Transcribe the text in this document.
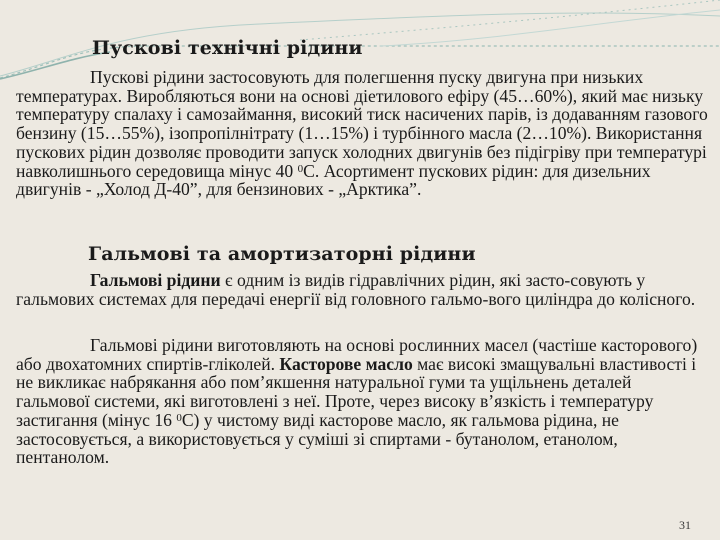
Пускові технічні рідини

Пускові рідини застосовують для полегшення пуску двигуна при низьких температурах. Виробляються вони на основі діетилового ефіру (45…60%), який має низьку температуру спалаху і самозаймання, високий тиск насичених парів, із додаванням газового бензину (15…55%), ізопропілнітрату (1…15%) і турбінного масла (2…10%). Використання пускових рідин дозволяє проводити запуск холодних двигунів без підігріву при температурі навколишнього середовища мінус 40 $^0$С. Асортимент пускових рідин: для дизельних двигунів - „Холод Д-40”, для бензинових - „Арктика”.

Гальмові та амортизаторні рідини

Гальмові рідини є одним із видів гідравлічних рідин, які засто-совують у гальмових системах для передачі енергії від головного гальмо-вого циліндра до колісного.

Гальмові рідини виготовляють на основі рослинних масел (частіше касторового) або двохатомних спиртів-гліколей. Касторове масло має високі змащувальні властивості і не викликає набрякання або пом’якшення натуральної гуми та ущільнень деталей гальмової системи, які виготовлені з неї. Проте, через високу в’язкість і температуру застигання (мінус 16 $^0$С) у чистому виді касторове масло, як гальмова рідина, не застосовується, а використовується у суміші зі спиртами - бутанолом, етанолом, пентанолом.

31
